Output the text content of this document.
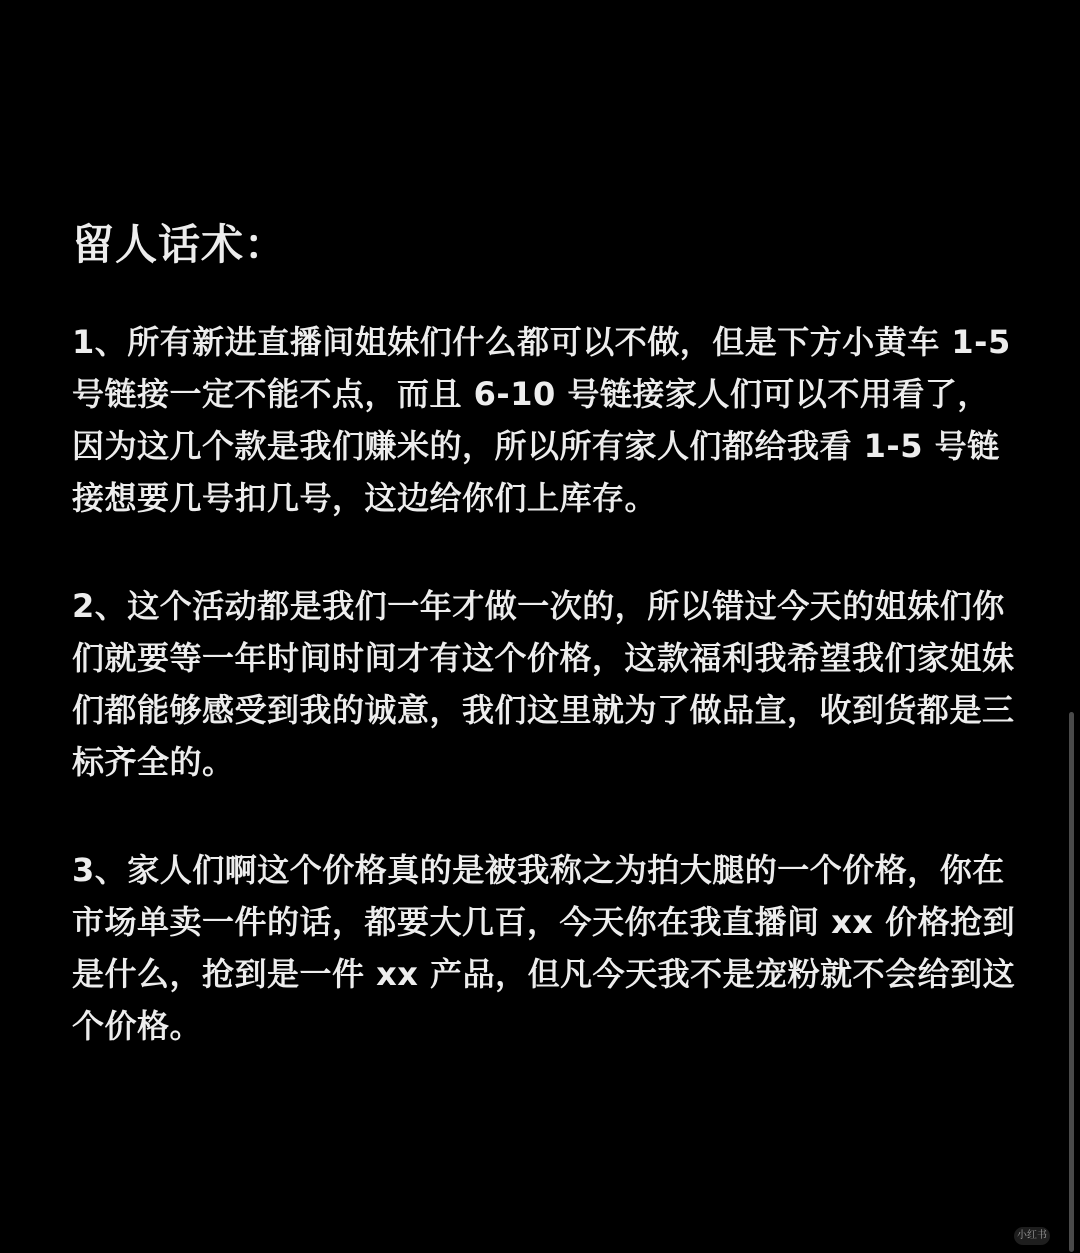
留人话术：
1、所有新进直播间姐妹们什么都可以不做，但是下方小黄车 1-5 号链接一定不能不点，而且 6-10 号链接家人们可以不用看了，因为这几个款是我们赚米的，所以所有家人们都给我看 1-5 号链接想要几号扣几号，这边给你们上库存。
2、这个活动都是我们一年才做一次的，所以错过今天的姐妹们你们就要等一年时间时间才有这个价格，这款福利我希望我们家姐妹们都能够感受到我的诚意，我们这里就为了做品宣，收到货都是三标齐全的。
3、家人们啊这个价格真的是被我称之为拍大腿的一个价格，你在市场单卖一件的话，都要大几百，今天你在我直播间 xx 价格抢到是什么，抢到是一件 xx 产品，但凡今天我不是宠粉就不会给到这个价格。
小红书
